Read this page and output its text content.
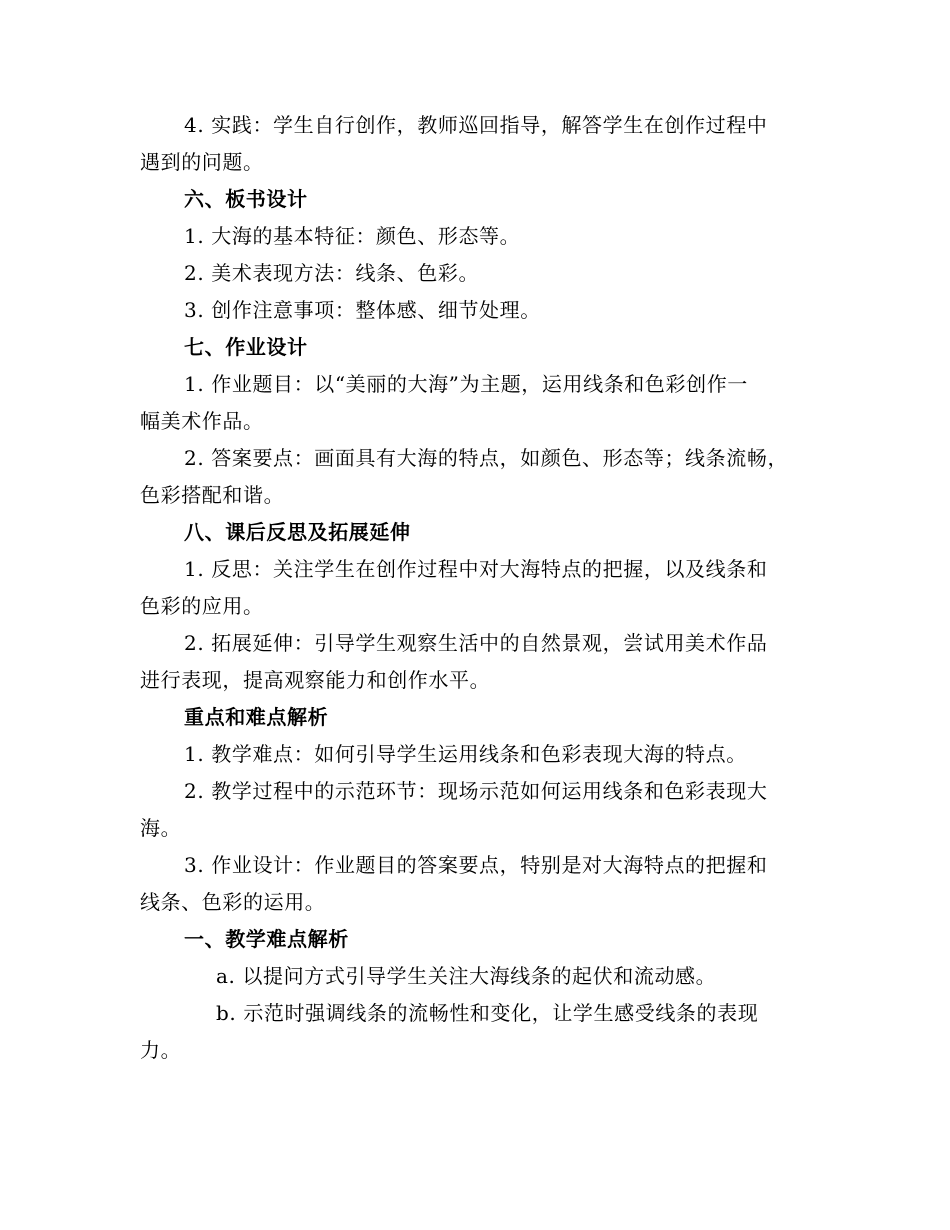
4. 实践：学生自行创作，教师巡回指导，解答学生在创作过程中
遇到的问题。
六、板书设计
1. 大海的基本特征：颜色、形态等。
2. 美术表现方法：线条、色彩。
3. 创作注意事项：整体感、细节处理。
七、作业设计
1. 作业题目：以“美丽的大海”为主题，运用线条和色彩创作一
幅美术作品。
2. 答案要点：画面具有大海的特点，如颜色、形态等；线条流畅，
色彩搭配和谐。
八、课后反思及拓展延伸
1. 反思：关注学生在创作过程中对大海特点的把握，以及线条和
色彩的应用。
2. 拓展延伸：引导学生观察生活中的自然景观，尝试用美术作品
进行表现，提高观察能力和创作水平。
重点和难点解析
1. 教学难点：如何引导学生运用线条和色彩表现大海的特点。
2. 教学过程中的示范环节：现场示范如何运用线条和色彩表现大
海。
3. 作业设计：作业题目的答案要点，特别是对大海特点的把握和
线条、色彩的运用。
一、教学难点解析
a. 以提问方式引导学生关注大海线条的起伏和流动感。
b. 示范时强调线条的流畅性和变化，让学生感受线条的表现
力。
